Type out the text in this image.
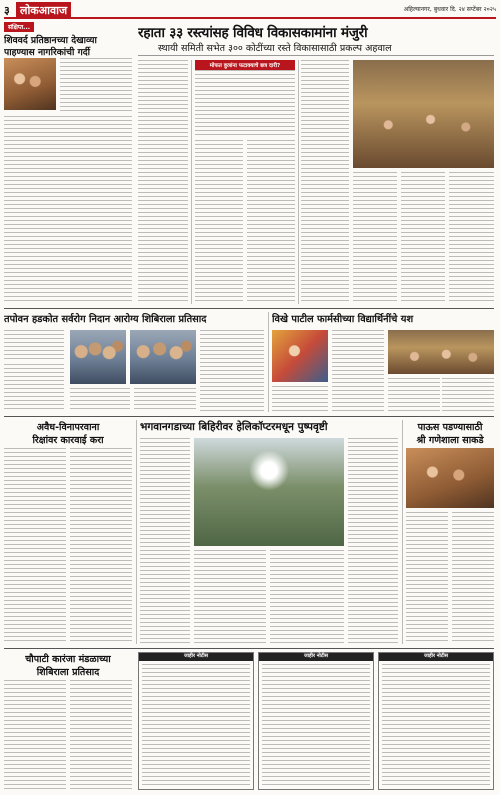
३ लोकआवाज	अहिल्यानगर, बुधवार दि. २४ सप्टेंबर २०२५
संक्षिप्त...
शिववर्द प्रतिष्ठानच्या देखाव्या
पाहण्यास नागरिकांची गर्दी
रहाता ३३ रस्त्यांसह विविध विकासकामांना मंजुरी
स्थायी समिती सभेत ३०० कोटींच्या रस्ते विकासासाठी प्रकल्प अहवाल
मोफत कुत्रांना फटाक्याचे छत्र दारी?
तपोवन हडकोत सर्वरोग निदान आरोग्य शिबिराला प्रतिसाद	विखे पाटील फार्मसीच्या विद्यार्थिनींचे यश
अवैध-विनापरवाना
रिक्षांवर कारवाई करा
भगवानगडाच्या बिहिरीवर हेलिकॉप्टरमधून पुष्पवृष्टी	पाऊस पडण्यासाठी
श्री गणेशाला साकडे
चौपाटी कारंजा मंडळाच्या
शिबिराला प्रतिसाद
जाहीर नोटीस	जाहीर नोटीस	जाहीर नोटीस
